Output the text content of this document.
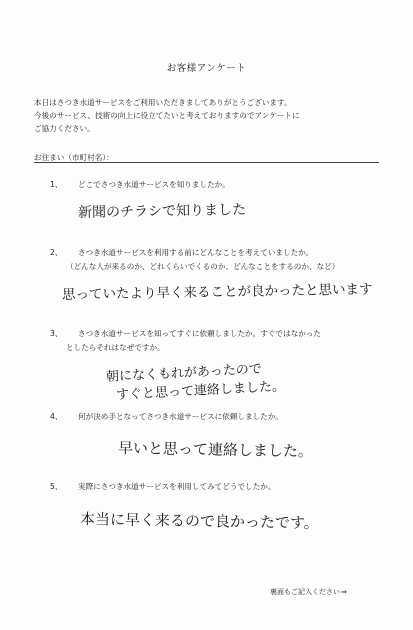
お客様アンケート
本日はさつき水道サービスをご利用いただきましてありがとうございます。
今後のサービス、技術の向上に役立てたいと考えておりますのでアンケートに
ご協力ください。
お住まい（市町村名）：
1、	どこでさつき水道サービスを知りましたか。
新聞のチラシで知りました
2、	さつき水道サービスを利用する前にどんなことを考えていましたか。
（どんな人が来るのか、どれくらいでくるのか、どんなことをするのか、など）
思っていたより早く来ることが良かったと思います
3、	さつき水道サービスを知ってすぐに依頼しましたか。すぐではなかった
としたらそれはなぜですか。
朝になくもれがあったので
すぐと思って連絡しました。
4、	何が決め手となってさつき水道サービスに依頼しましたか。
早いと思って連絡しました。
5、	実際にさつき水道サービスを利用してみてどうでしたか。
本当に早く来るので良かったです。
裏面もご記入ください⇒
